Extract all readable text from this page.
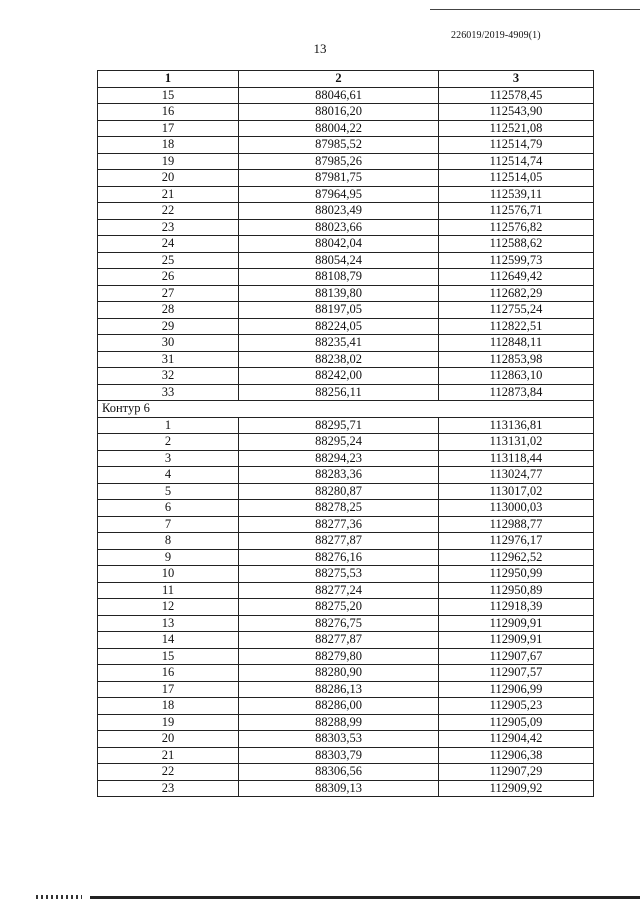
226019/2019-4909(1)
13
1	2	3
15	88046,61	112578,45
16	88016,20	112543,90
17	88004,22	112521,08
18	87985,52	112514,79
19	87985,26	112514,74
20	87981,75	112514,05
21	87964,95	112539,11
22	88023,49	112576,71
23	88023,66	112576,82
24	88042,04	112588,62
25	88054,24	112599,73
26	88108,79	112649,42
27	88139,80	112682,29
28	88197,05	112755,24
29	88224,05	112822,51
30	88235,41	112848,11
31	88238,02	112853,98
32	88242,00	112863,10
33	88256,11	112873,84
Контур 6		
1	88295,71	113136,81
2	88295,24	113131,02
3	88294,23	113118,44
4	88283,36	113024,77
5	88280,87	113017,02
6	88278,25	113000,03
7	88277,36	112988,77
8	88277,87	112976,17
9	88276,16	112962,52
10	88275,53	112950,99
11	88277,24	112950,89
12	88275,20	112918,39
13	88276,75	112909,91
14	88277,87	112909,91
15	88279,80	112907,67
16	88280,90	112907,57
17	88286,13	112906,99
18	88286,00	112905,23
19	88288,99	112905,09
20	88303,53	112904,42
21	88303,79	112906,38
22	88306,56	112907,29
23	88309,13	112909,92
